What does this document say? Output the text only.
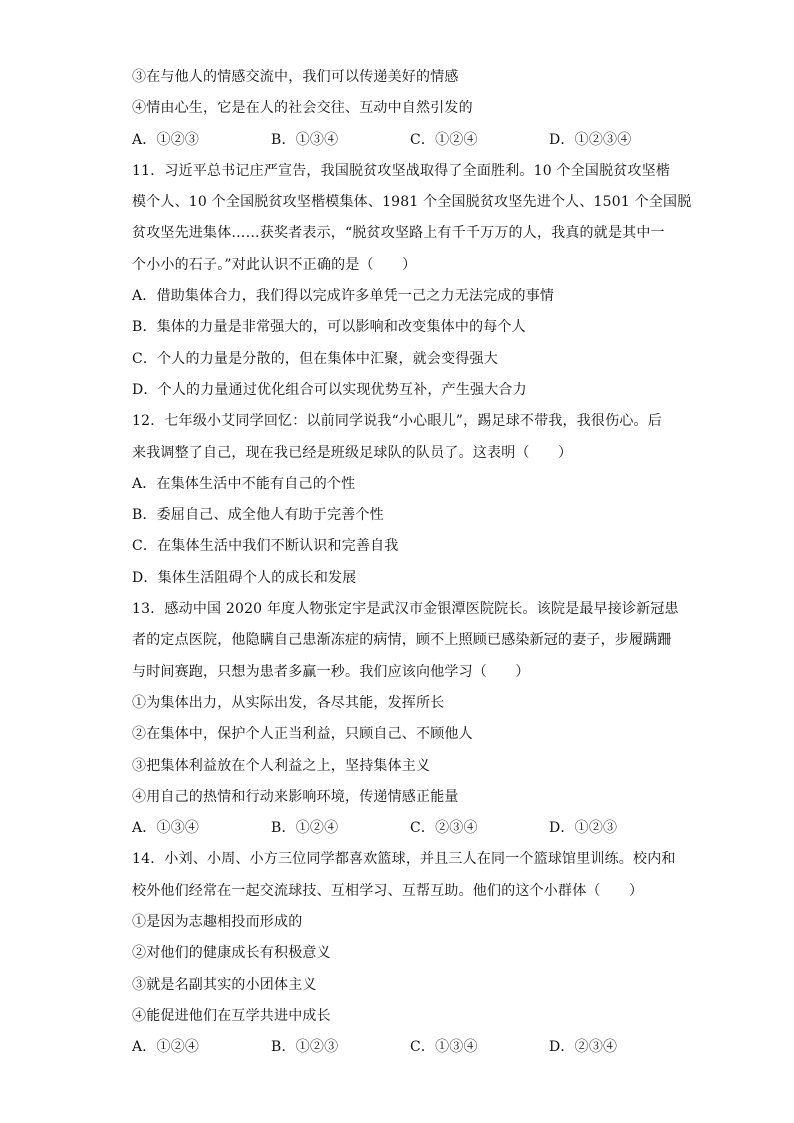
③在与他人的情感交流中，我们可以传递美好的情感
④情由心生，它是在人的社会交往、互动中自然引发的
A．①②③	B．①③④	C．①②④	D．①②③④
11．习近平总书记庄严宣告，我国脱贫攻坚战取得了全面胜利。10 个全国脱贫攻坚楷
模个人、10 个全国脱贫攻坚楷模集体、1981 个全国脱贫攻坚先进个人、1501 个全国脱
贫攻坚先进集体……获奖者表示，“脱贫攻坚路上有千千万万的人，我真的就是其中一
个小小的石子。”对此认识不正确的是（　　）
A．借助集体合力，我们得以完成许多单凭一己之力无法完成的事情
B．集体的力量是非常强大的，可以影响和改变集体中的每个人
C．个人的力量是分散的，但在集体中汇聚，就会变得强大
D．个人的力量通过优化组合可以实现优势互补，产生强大合力
12．七年级小艾同学回忆：以前同学说我“小心眼儿”，踢足球不带我，我很伤心。后
来我调整了自己，现在我已经是班级足球队的队员了。这表明（　　）
A．在集体生活中不能有自己的个性
B．委屈自己、成全他人有助于完善个性
C．在集体生活中我们不断认识和完善自我
D．集体生活阻碍个人的成长和发展
13．感动中国 2020 年度人物张定宇是武汉市金银潭医院院长。该院是最早接诊新冠患
者的定点医院，他隐瞒自己患渐冻症的病情，顾不上照顾已感染新冠的妻子，步履蹒跚
与时间赛跑，只想为患者多赢一秒。我们应该向他学习（　　）
①为集体出力，从实际出发，各尽其能，发挥所长
②在集体中，保护个人正当利益，只顾自己、不顾他人
③把集体利益放在个人利益之上，坚持集体主义
④用自己的热情和行动来影响环境，传递情感正能量
A．①③④	B．①②④	C．②③④	D．①②③
14．小刘、小周、小方三位同学都喜欢篮球，并且三人在同一个篮球馆里训练。校内和
校外他们经常在一起交流球技、互相学习、互帮互助。他们的这个小群体（　　）
①是因为志趣相投而形成的
②对他们的健康成长有积极意义
③就是名副其实的小团体主义
④能促进他们在互学共进中成长
A．①②④	B．①②③	C．①③④	D．②③④
